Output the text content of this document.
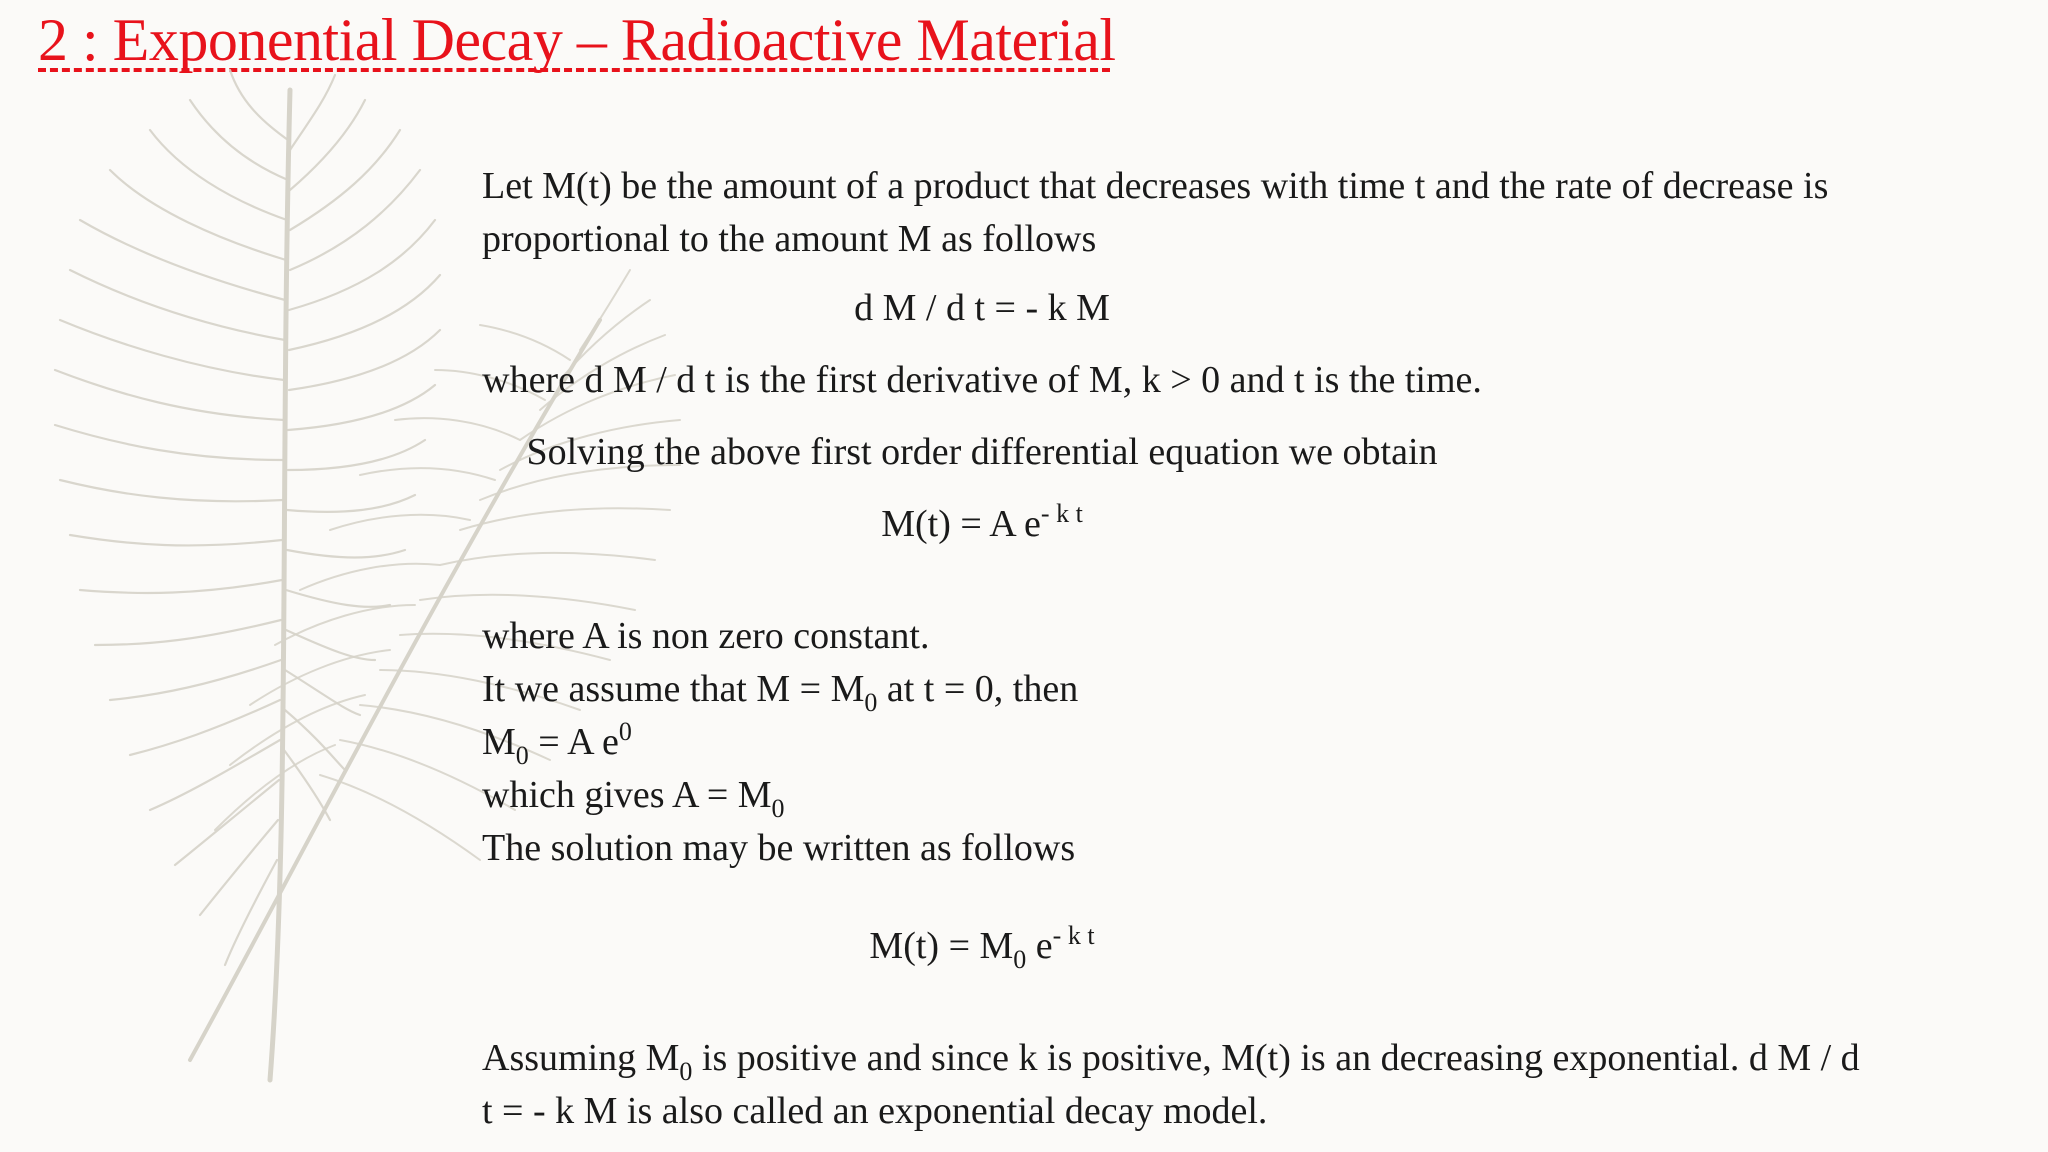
2 : Exponential Decay – Radioactive Material

Let M(t) be the amount of a product that decreases with time t and the rate of decrease is

proportional to the amount M as follows

d M / d t = - k M

where d M / d t is the first derivative of M, k > 0 and t is the time.

Solving the above first order differential equation we obtain

M(t) = A $e^{- k t}$

where A is non zero constant.

It we assume that $M = M_0$ at t = 0, then

$M_0 = A$ $e^0$

which gives $A = M_0$

The solution may be written as follows

$M(t) = M_0$ $e^{- k t}$

Assuming $M_0$ is positive and since k is positive, M(t) is an decreasing exponential. d M / d

t = - k M is also called an exponential decay model.
